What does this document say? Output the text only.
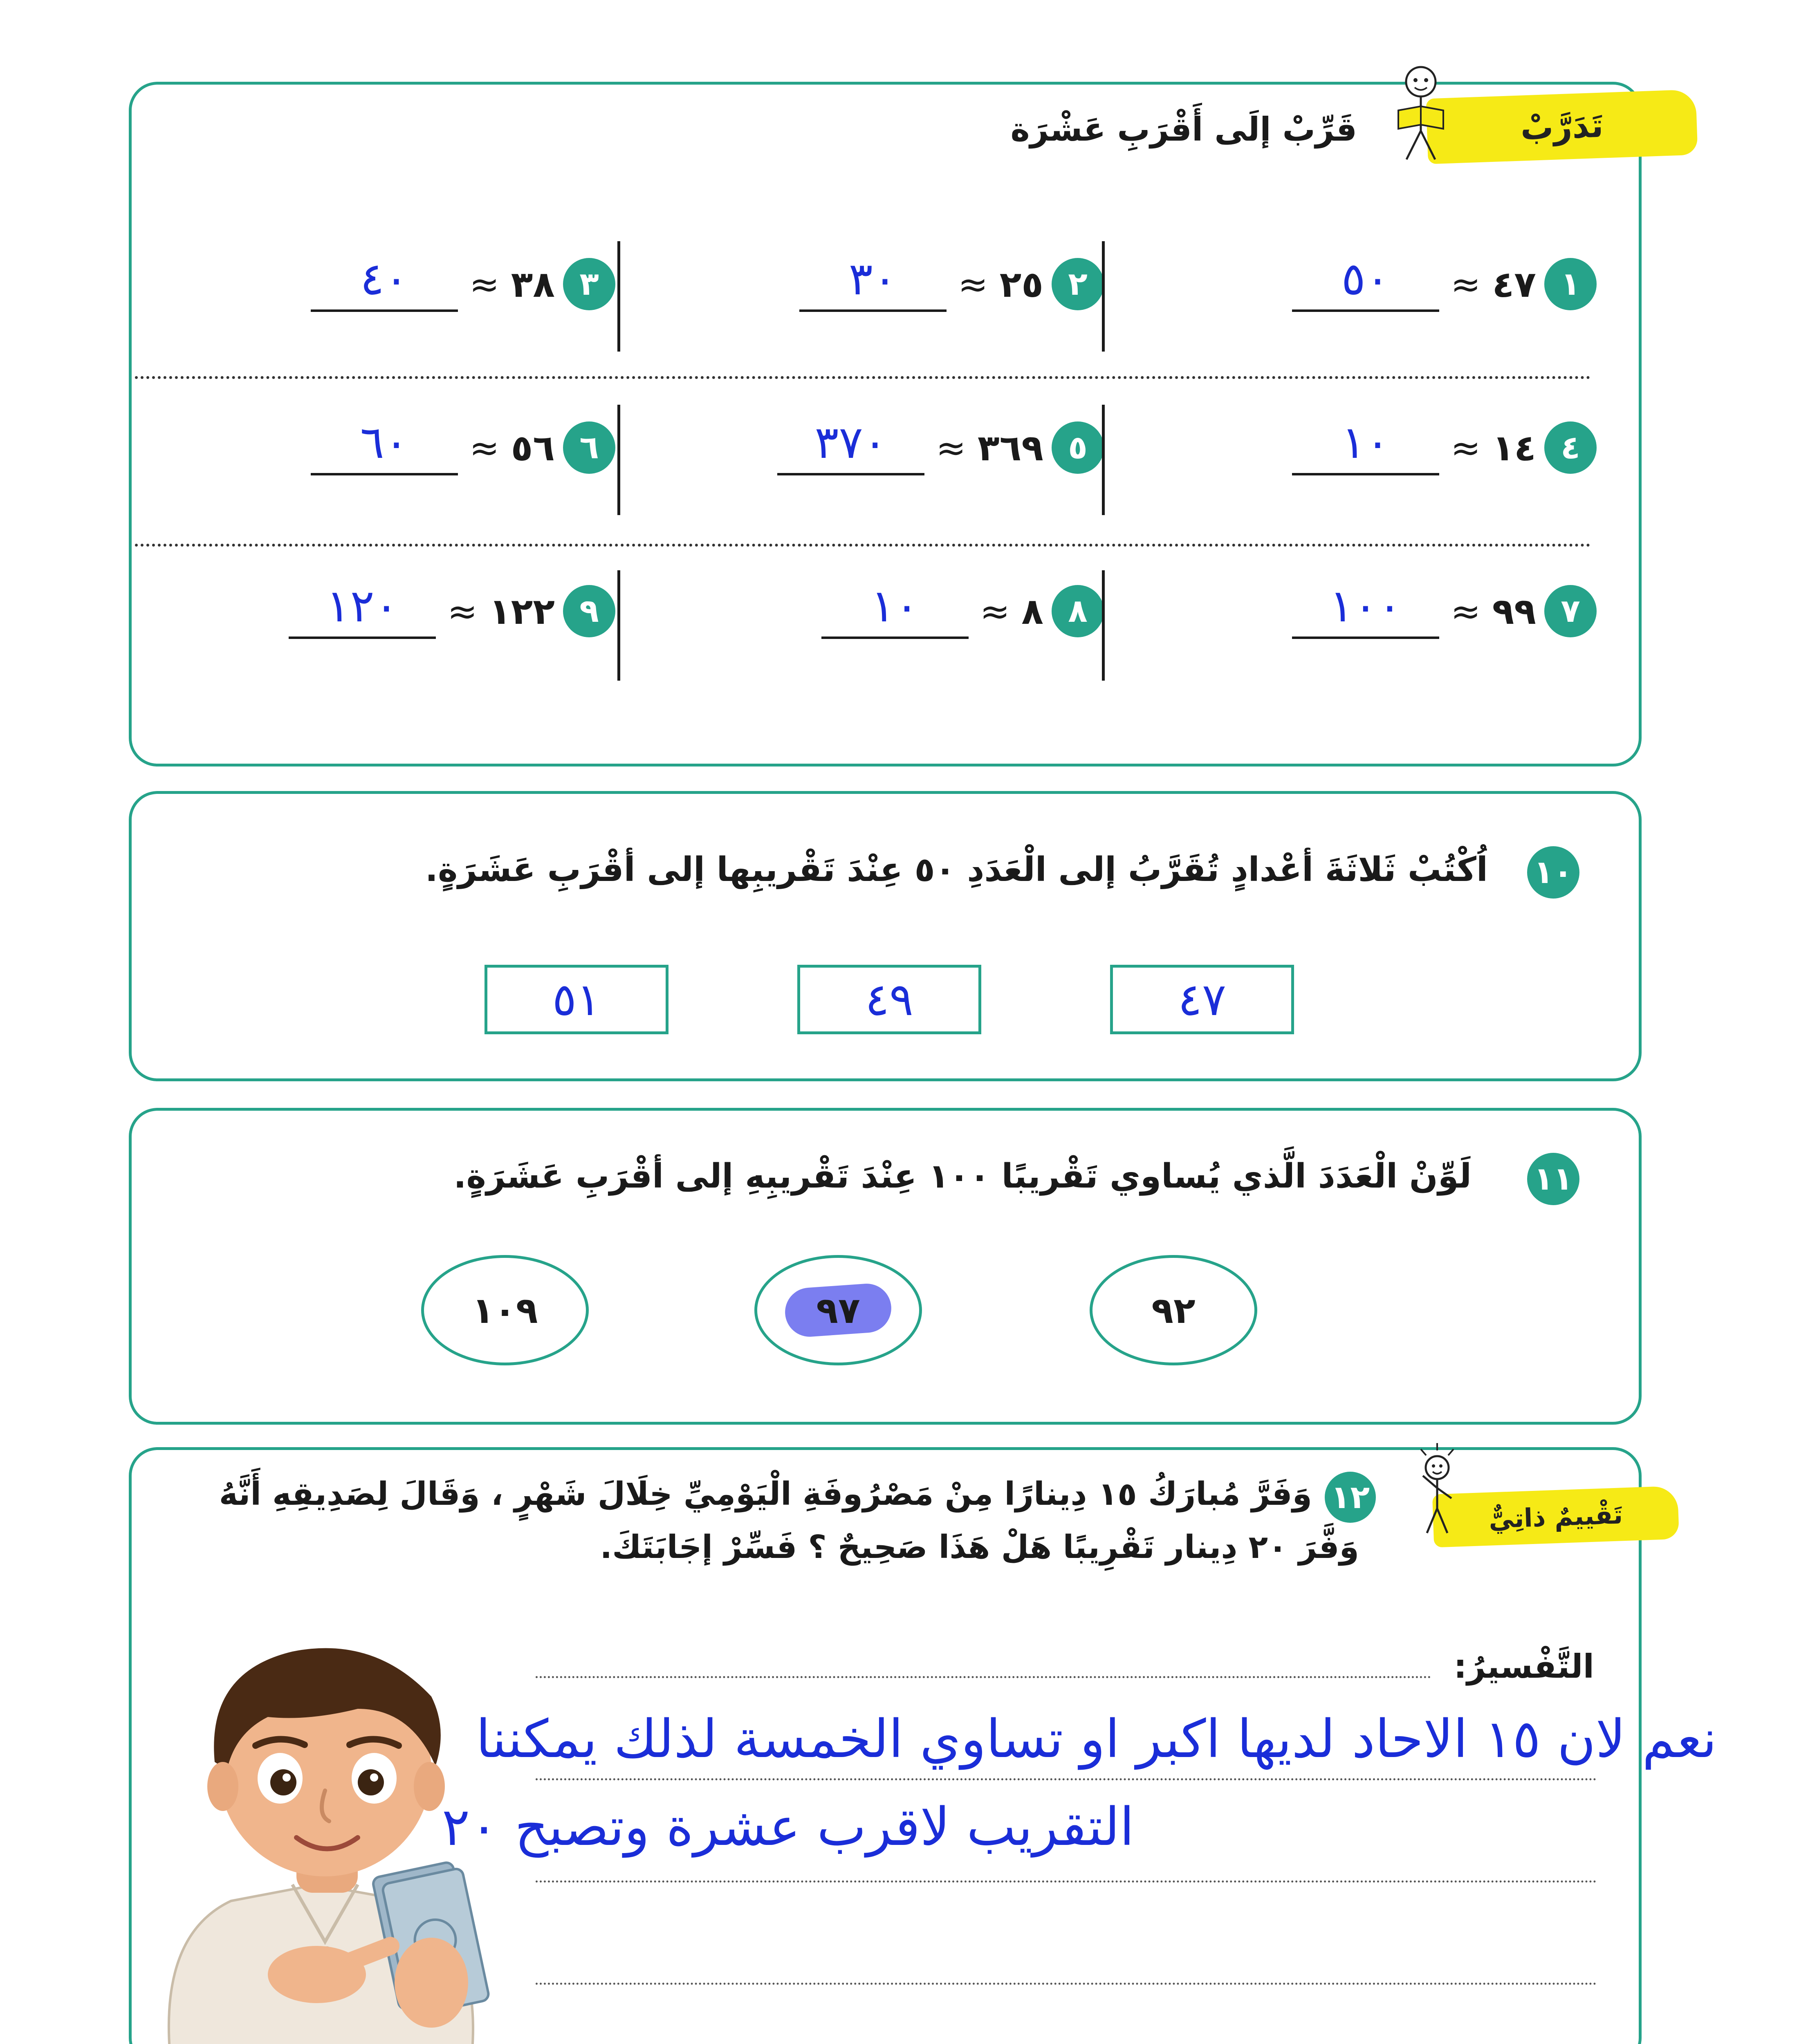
تَدَرَّبْ
قَرِّبْ إلَى أَقْرَبِ عَشْرَة
١
٤٧
≈
٥٠
٢
٢٥
≈
٣٠
٣
٣٨
≈
٤٠
٤
١٤
≈
١٠
٥
٣٦٩
≈
٣٧٠
٦
٥٦
≈
٦٠
٧
٩٩
≈
١٠٠
٨
٨
≈
١٠
٩
١٢٢
≈
١٢٠
١٠
اُكْتُبْ ثَلاثَةَ أعْدادٍ تُقَرَّبُ إلى الْعَدَدِ ٥٠ عِنْدَ تَقْريبِها إلى أقْرَبِ عَشَرَةٍ.
٤٧
٤٩
٥١
١١
لَوِّنْ الْعَدَدَ الَّذي يُساوي تَقْريبًا ١٠٠ عِنْدَ تَقْريبِهِ إلى أقْرَبِ عَشَرَةٍ.
٩٢
٩٧
١٠٩
تَقْييمٌ ذاتِيٌّ
١٢
وَفَرَّ مُبارَكُ ١٥ دِينارًا مِنْ مَصْرُوفَةِ الْيَوْمِيِّ خِلَالَ شَهْرٍ ، وَقَالَ لِصَدِيقِهِ أَنَّهُ
وَفَّرَ ٢٠ دِينار تَقْرِيبًا هَلْ هَذَا صَحِيحٌ ؟ فَسِّرْ إجَابَتَكَ.
التَّفْسيرُ:
نعم لان ١٥ الاحاد لديها اكبر او تساوي الخمسة لذلك يمكننا
التقريب لاقرب عشرة وتصبح ٢٠
